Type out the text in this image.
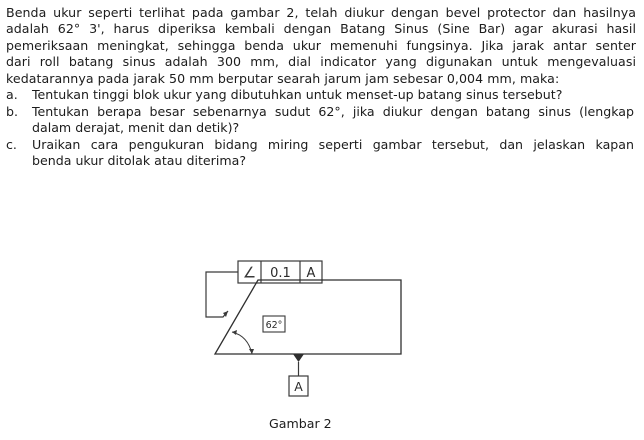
Benda ukur seperti terlihat pada gambar 2, telah diukur dengan bevel protector dan hasilnya
adalah 62° 3', harus diperiksa kembali dengan Batang Sinus (Sine Bar) agar akurasi hasil
pemeriksaan meningkat, sehingga benda ukur memenuhi fungsinya. Jika jarak antar senter
dari roll batang sinus adalah 300 mm, dial indicator yang digunakan untuk mengevaluasi
kedatarannya pada jarak 50 mm berputar searah jarum jam sebesar 0,004 mm, maka:
a. Tentukan tinggi blok ukur yang dibutuhkan untuk menset-up batang sinus tersebut?
b. Tentukan berapa besar sebenarnya sudut 62°, jika diukur dengan batang sinus (lengkap
dalam derajat, menit dan detik)?
c. Uraikan cara pengukuran bidang miring seperti gambar tersebut, dan jelaskan kapan
benda ukur ditolak atau diterima?
∠ 0.1 A
62°
A
Gambar 2
